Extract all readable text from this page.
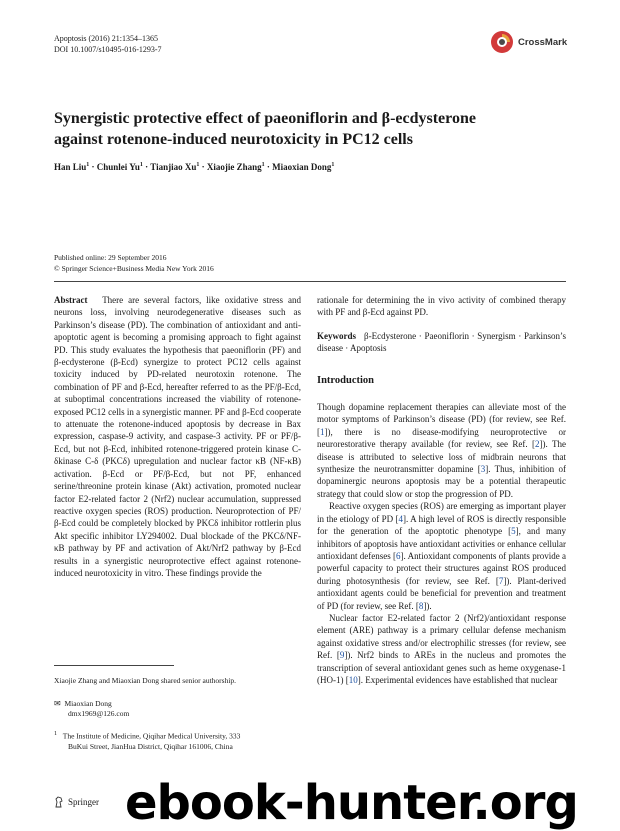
Apoptosis (2016) 21:1354–1365
DOI 10.1007/s10495-016-1293-7
CrossMark
Synergistic protective effect of paeoniflorin and β-ecdysterone
against rotenone-induced neurotoxicity in PC12 cells
Han Liu$^1$ · Chunlei $Yu^1$ · Tianjiao $Xu^1$ · Xiaojie Zhang$^1$ · Miaoxian Dong$^1$
Published online: 29 September 2016
© Springer Science+Business Media New York 2016

Abstract There are several factors, like oxidative stress and neurons loss, involving neurodegenerative diseases such as Parkinson’s disease (PD). The combination of antioxidant and anti-apoptotic agent is becoming a promising approach to fight against PD. This study evaluates the hypothesis that paeoniflorin (PF) and β-ecdysterone (β-Ecd) synergize to protect PC12 cells against toxicity induced by PD-related neurotoxin rotenone. The combination of PF and β-Ecd, hereafter referred to as the PF/β-Ecd, at suboptimal concentrations increased the viability of rotenone-exposed PC12 cells in a synergistic manner. PF and β-Ecd cooperate to attenuate the rotenone-induced apoptosis by decrease in Bax expression, caspase-9 activity, and caspase-3 activity. PF or PF/β-Ecd, but not β-Ecd, inhibited rotenone-triggered protein kinase C-δkinase C-δ (PKCδ) upregulation and nuclear factor κB (NF-κB) activation. β-Ecd or PF/β-Ecd, but not PF, enhanced serine/threonine protein kinase (Akt) activation, promoted nuclear factor E2-related factor 2 (Nrf2) nuclear accumulation, suppressed reactive oxygen species (ROS) production. Neuroprotection of PF/β-Ecd could be completely blocked by PKCδ inhibitor rottlerin plus Akt specific inhibitor LY294002. Dual blockade of the PKCδ/NF-κB pathway by PF and activation of Akt/Nrf2 pathway by β-Ecd results in a synergistic neuroprotective effect against rotenone-induced neurotoxicity in vitro. These findings provide the

rationale for determining the in vivo activity of combined therapy with PF and β-Ecd against PD.

Keywords β-Ecdysterone · Paeoniflorin · Synergism · Parkinson’s disease · Apoptosis

Introduction

Though dopamine replacement therapies can alleviate most of the motor symptoms of Parkinson’s disease (PD) (for review, see Ref. [1]), there is no disease-modifying neuroprotective or neurorestorative therapy available (for review, see Ref. [2]). The disease is attributed to selective loss of midbrain neurons that synthesize the neurotransmitter dopamine [3]. Thus, inhibition of dopaminergic neurons apoptosis may be a potential therapeutic strategy that could slow or stop the progression of PD.

Reactive oxygen species (ROS) are emerging as important player in the etiology of PD [4]. A high level of ROS is directly responsible for the generation of the apoptotic phenotype [5], and many inhibitors of apoptosis have antioxidant activities or enhance cellular antioxidant defenses [6]. Antioxidant components of plants provide a powerful capacity to protect their structures against ROS produced during photosynthesis (for review, see Ref. [7]). Plant-derived antioxidant agents could be beneficial for prevention and treatment of PD (for review, see Ref. [8]).

Nuclear factor E2-related factor 2 (Nrf2)/antioxidant response element (ARE) pathway is a primary cellular defense mechanism against oxidative stress and/or electrophilic stresses (for review, see Ref. [9]). Nrf2 binds to AREs in the nucleus and promotes the transcription of several antioxidant genes such as heme oxygenase-1 (HO-1) [10]. Experimental evidences have established that nuclear

Xiaojie Zhang and Miaoxian Dong shared senior authorship.
✉ Miaoxian Dong
dmx1969@126.com
$^1$ The Institute of Medicine, Qiqihar Medical University, 333
BuKui Street, JianHua District, Qiqihar 161006, China
Springer ebook-hunter.org
